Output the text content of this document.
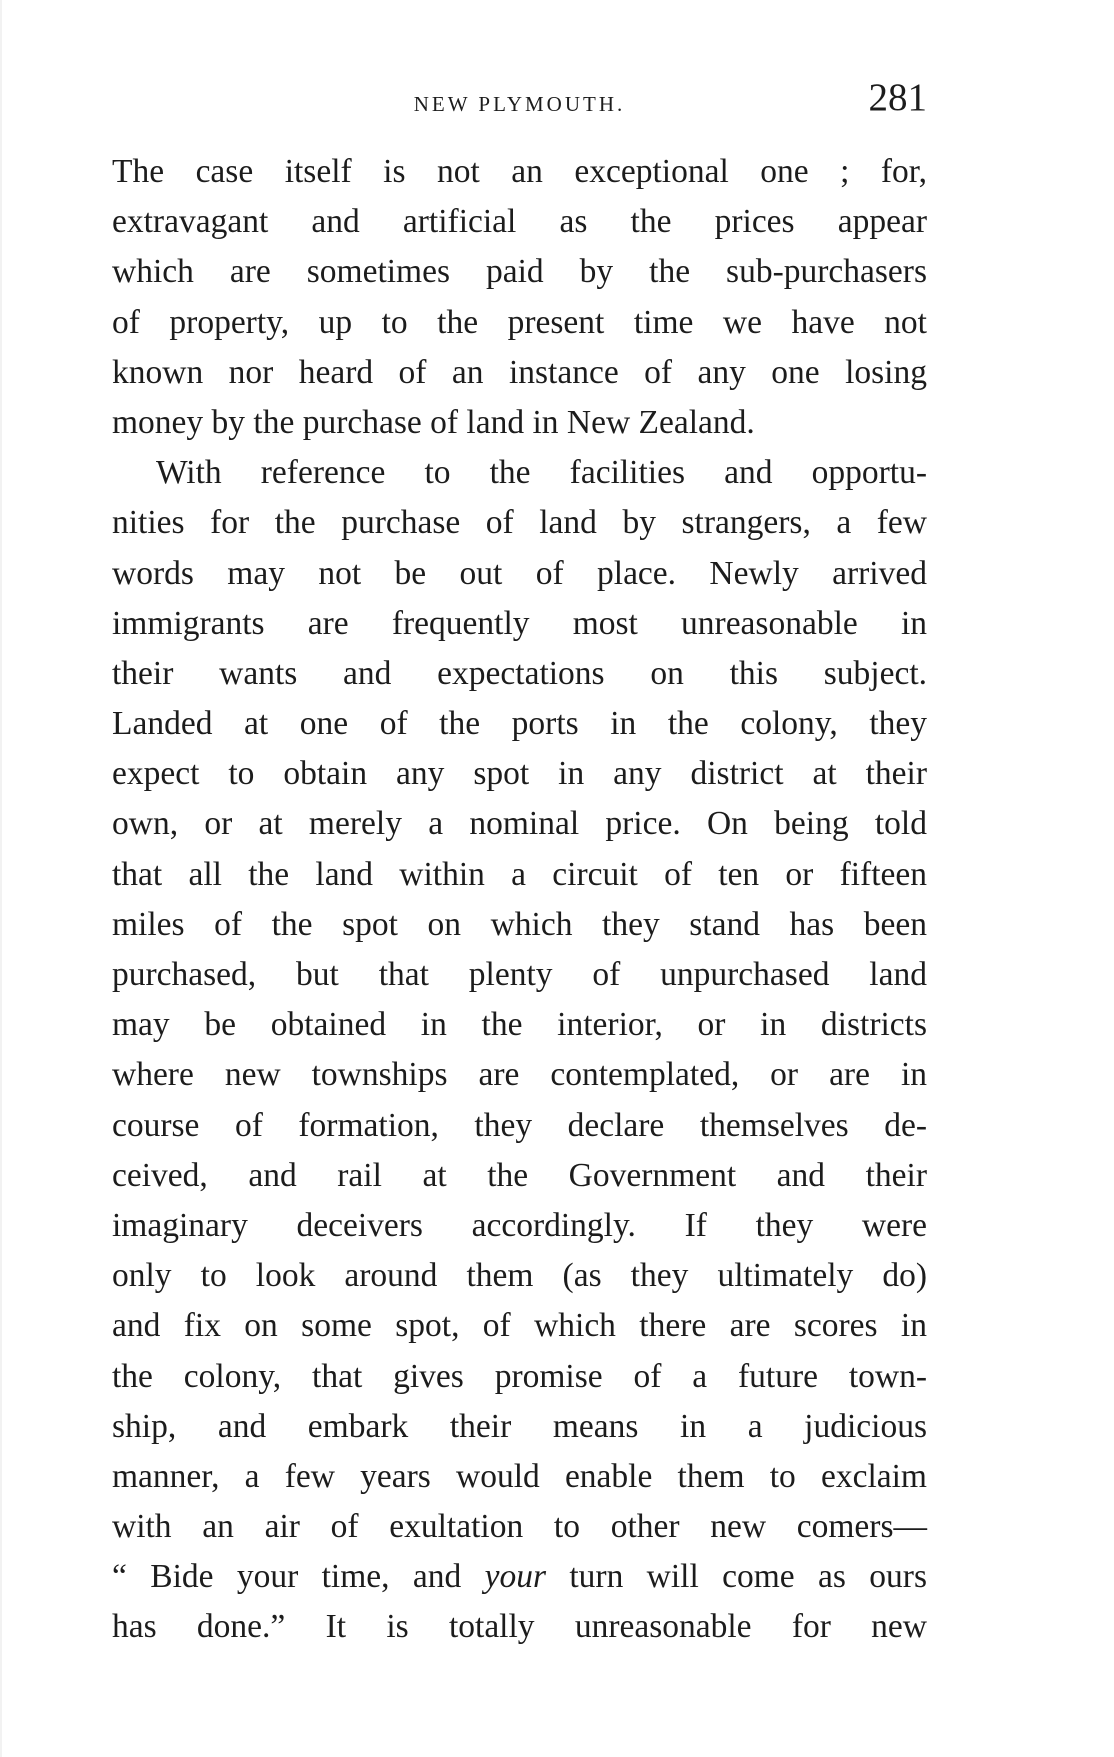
NEW PLYMOUTH.	281
The case itself is not an exceptional one ; for,
extravagant and artificial as the prices appear
which are sometimes paid by the sub-purchasers
of property, up to the present time we have not
known nor heard of an instance of any one losing
money by the purchase of land in New Zealand.
With reference to the facilities and opportu-
nities for the purchase of land by strangers, a few
words may not be out of place. Newly arrived
immigrants are frequently most unreasonable in
their wants and expectations on this subject.
Landed at one of the ports in the colony, they
expect to obtain any spot in any district at their
own, or at merely a nominal price. On being told
that all the land within a circuit of ten or fifteen
miles of the spot on which they stand has been
purchased, but that plenty of unpurchased land
may be obtained in the interior, or in districts
where new townships are contemplated, or are in
course of formation, they declare themselves de-
ceived, and rail at the Government and their
imaginary deceivers accordingly. If they were
only to look around them (as they ultimately do)
and fix on some spot, of which there are scores in
the colony, that gives promise of a future town-
ship, and embark their means in a judicious
manner, a few years would enable them to exclaim
with an air of exultation to other new comers—
“ Bide your time, and your turn will come as ours
has done.” It is totally unreasonable for new
